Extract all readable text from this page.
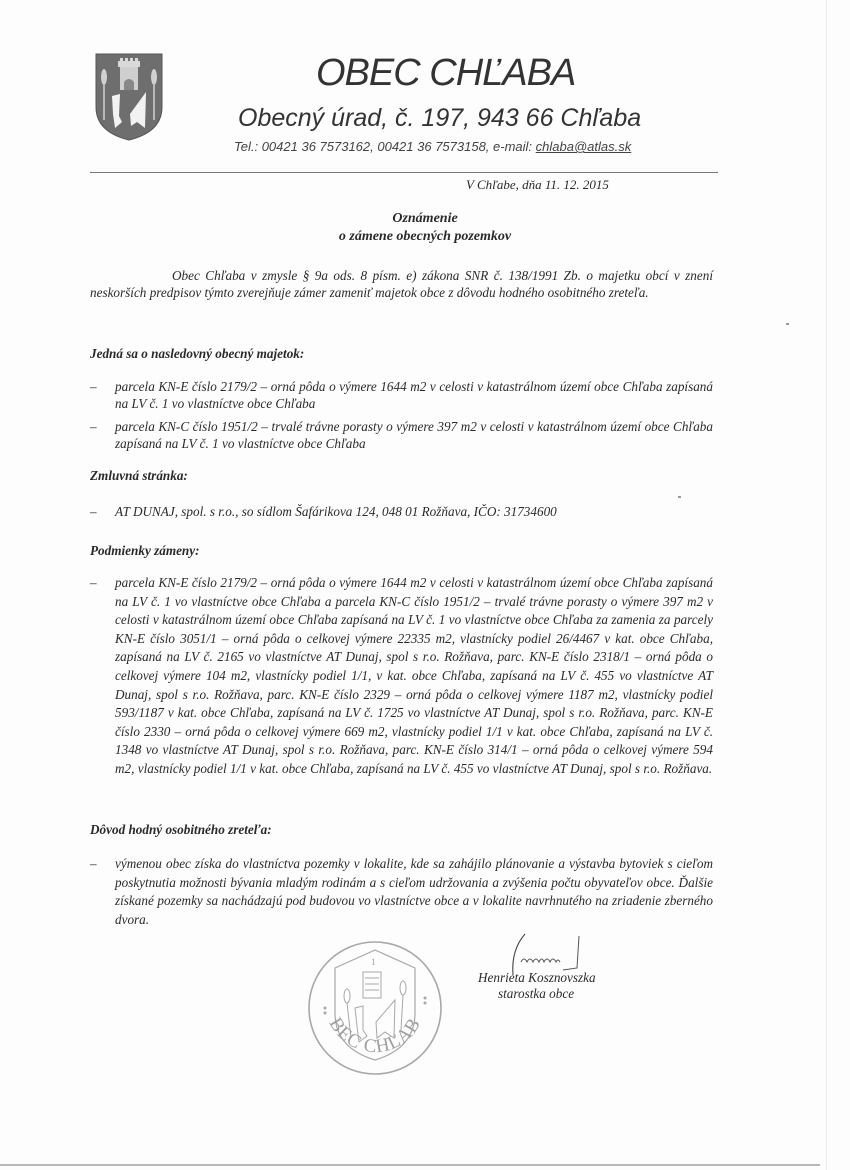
OBEC CHĽABA
Obecný úrad, č. 197, 943 66 Chľaba
Tel.: 00421 36 7573162, 00421 36 7573158, e-mail: chlaba@atlas.sk
V Chľabe, dňa 11. 12. 2015
Oznámenie
o zámene obecných pozemkov
Obec Chľaba v zmysle § 9a ods. 8 písm. e) zákona SNR č. 138/1991 Zb. o majetku obcí v znení neskorších predpisov týmto zverejňuje zámer zameniť majetok obce z dôvodu hodného osobitného zreteľa.
Jedná sa o nasledovný obecný majetok:
– parcela KN-E číslo 2179/2 – orná pôda o výmere 1644 m2 v celosti v katastrálnom území obce Chľaba zapísaná na LV č. 1 vo vlastníctve obce Chľaba
– parcela KN-C číslo 1951/2 – trvalé trávne porasty o výmere 397 m2 v celosti v katastrálnom území obce Chľaba zapísaná na LV č. 1 vo vlastníctve obce Chľaba
Zmluvná stránka:
– AT DUNAJ, spol. s r.o., so sídlom Šafárikova 124, 048 01 Rožňava, IČO: 31734600
Podmienky zámeny:
– parcela KN-E číslo 2179/2 – orná pôda o výmere 1644 m2 v celosti v katastrálnom území obce Chľaba zapísaná na LV č. 1 vo vlastníctve obce Chľaba a parcela KN-C číslo 1951/2 – trvalé trávne porasty o výmere 397 m2 v celosti v katastrálnom území obce Chľaba zapísaná na LV č. 1 vo vlastníctve obce Chľaba za zamenia za parcely KN-E číslo 3051/1 – orná pôda o celkovej výmere 22335 m2, vlastnícky podiel 26/4467 v kat. obce Chľaba, zapísaná na LV č. 2165 vo vlastníctve AT Dunaj, spol s r.o. Rožňava, parc. KN-E číslo 2318/1 – orná pôda o celkovej výmere 104 m2, vlastnícky podiel 1/1, v kat. obce Chľaba, zapísaná na LV č. 455 vo vlastníctve AT Dunaj, spol s r.o. Rožňava, parc. KN-E číslo 2329 – orná pôda o celkovej výmere 1187 m2, vlastnícky podiel 593/1187 v kat. obce Chľaba, zapísaná na LV č. 1725 vo vlastníctve AT Dunaj, spol s r.o. Rožňava, parc. KN-E číslo 2330 – orná pôda o celkovej výmere 669 m2, vlastnícky podiel 1/1 v kat. obce Chľaba, zapísaná na LV č. 1348 vo vlastníctve AT Dunaj, spol s r.o. Rožňava, parc. KN-E číslo 314/1 – orná pôda o celkovej výmere 594 m2, vlastnícky podiel 1/1 v kat. obce Chľaba, zapísaná na LV č. 455 vo vlastníctve AT Dunaj, spol s r.o. Rožňava.
Dôvod hodný osobitného zreteľa:
– výmenou obec získa do vlastníctva pozemky v lokalite, kde sa zahájilo plánovanie a výstavba bytoviek s cieľom poskytnutia možnosti bývania mladým rodinám a s cieľom udržovania a zvýšenia počtu obyvateľov obce. Ďalšie získané pozemky sa nachádzajú pod budovou vo vlastníctve obce a v lokalite navrhnutého na zriadenie zberného dvora.
1
BEC CHĽAB
Henrieta Kosznovszka
starostka obce
